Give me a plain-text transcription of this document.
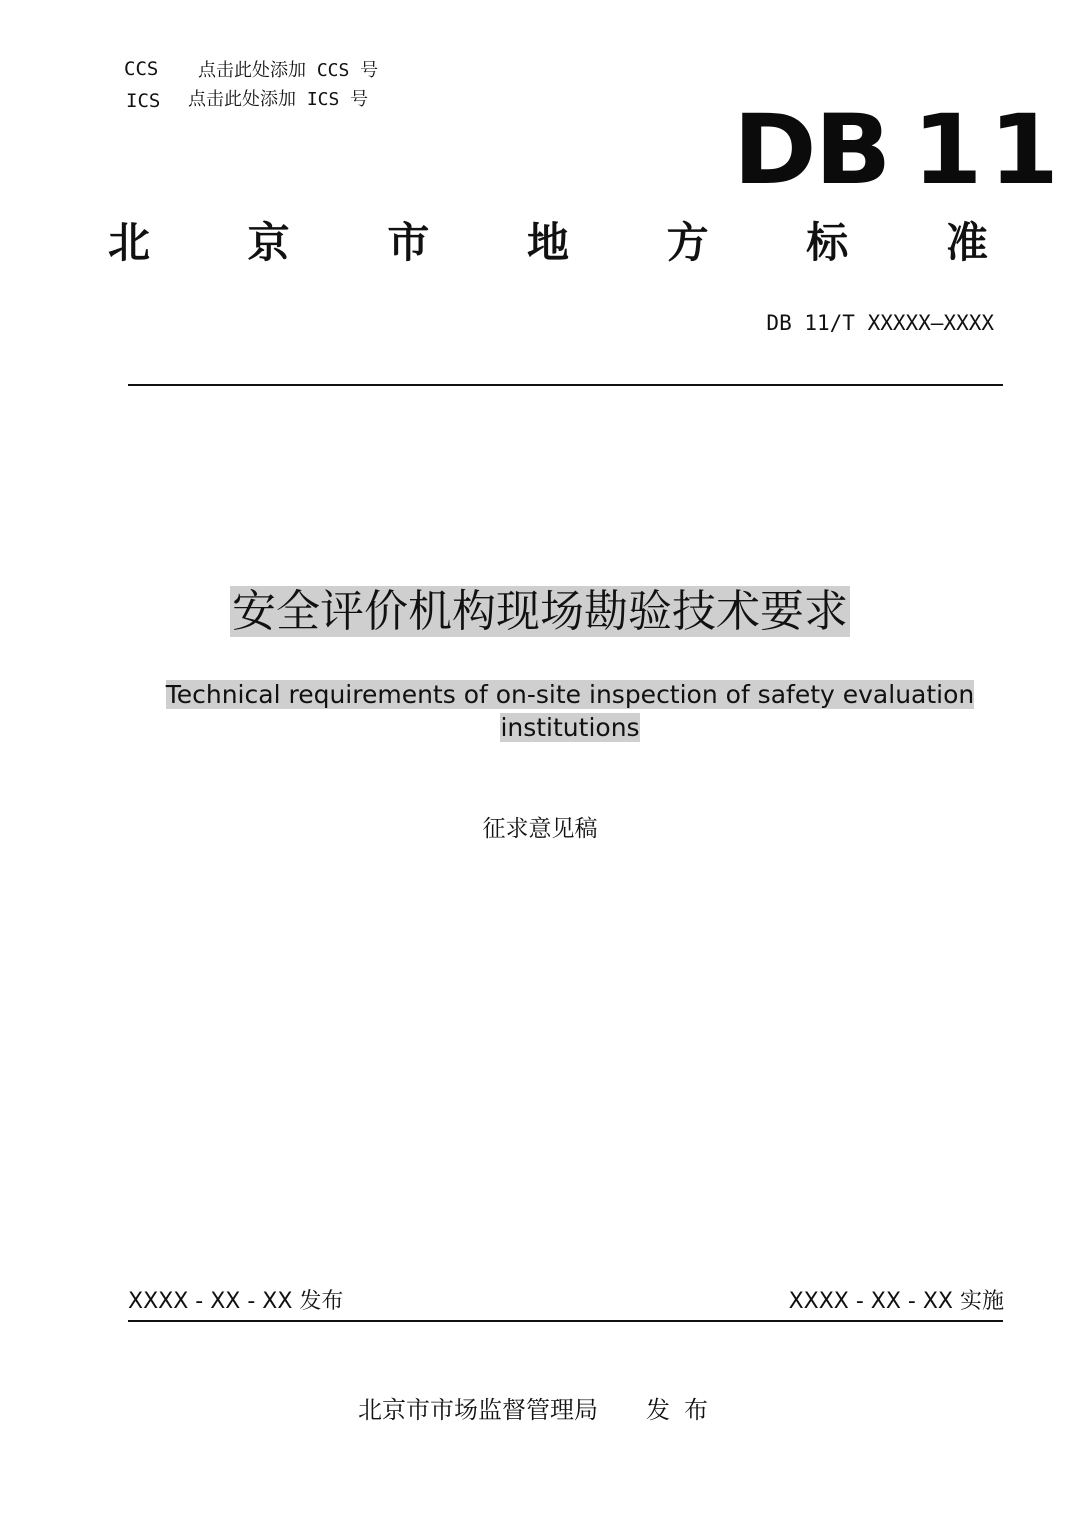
CCS 点击此处添加 CCS 号
ICS 点击此处添加 ICS 号	DB 11
北 京 市 地 方 标 准
DB 11/T XXXXX—XXXX
安全评价机构现场勘验技术要求
Technical requirements of on-site inspection of safety evaluation institutions
征求意见稿
XXXX - XX - XX 发布	XXXX - XX - XX 实施
北京市市场监督管理局 发布
